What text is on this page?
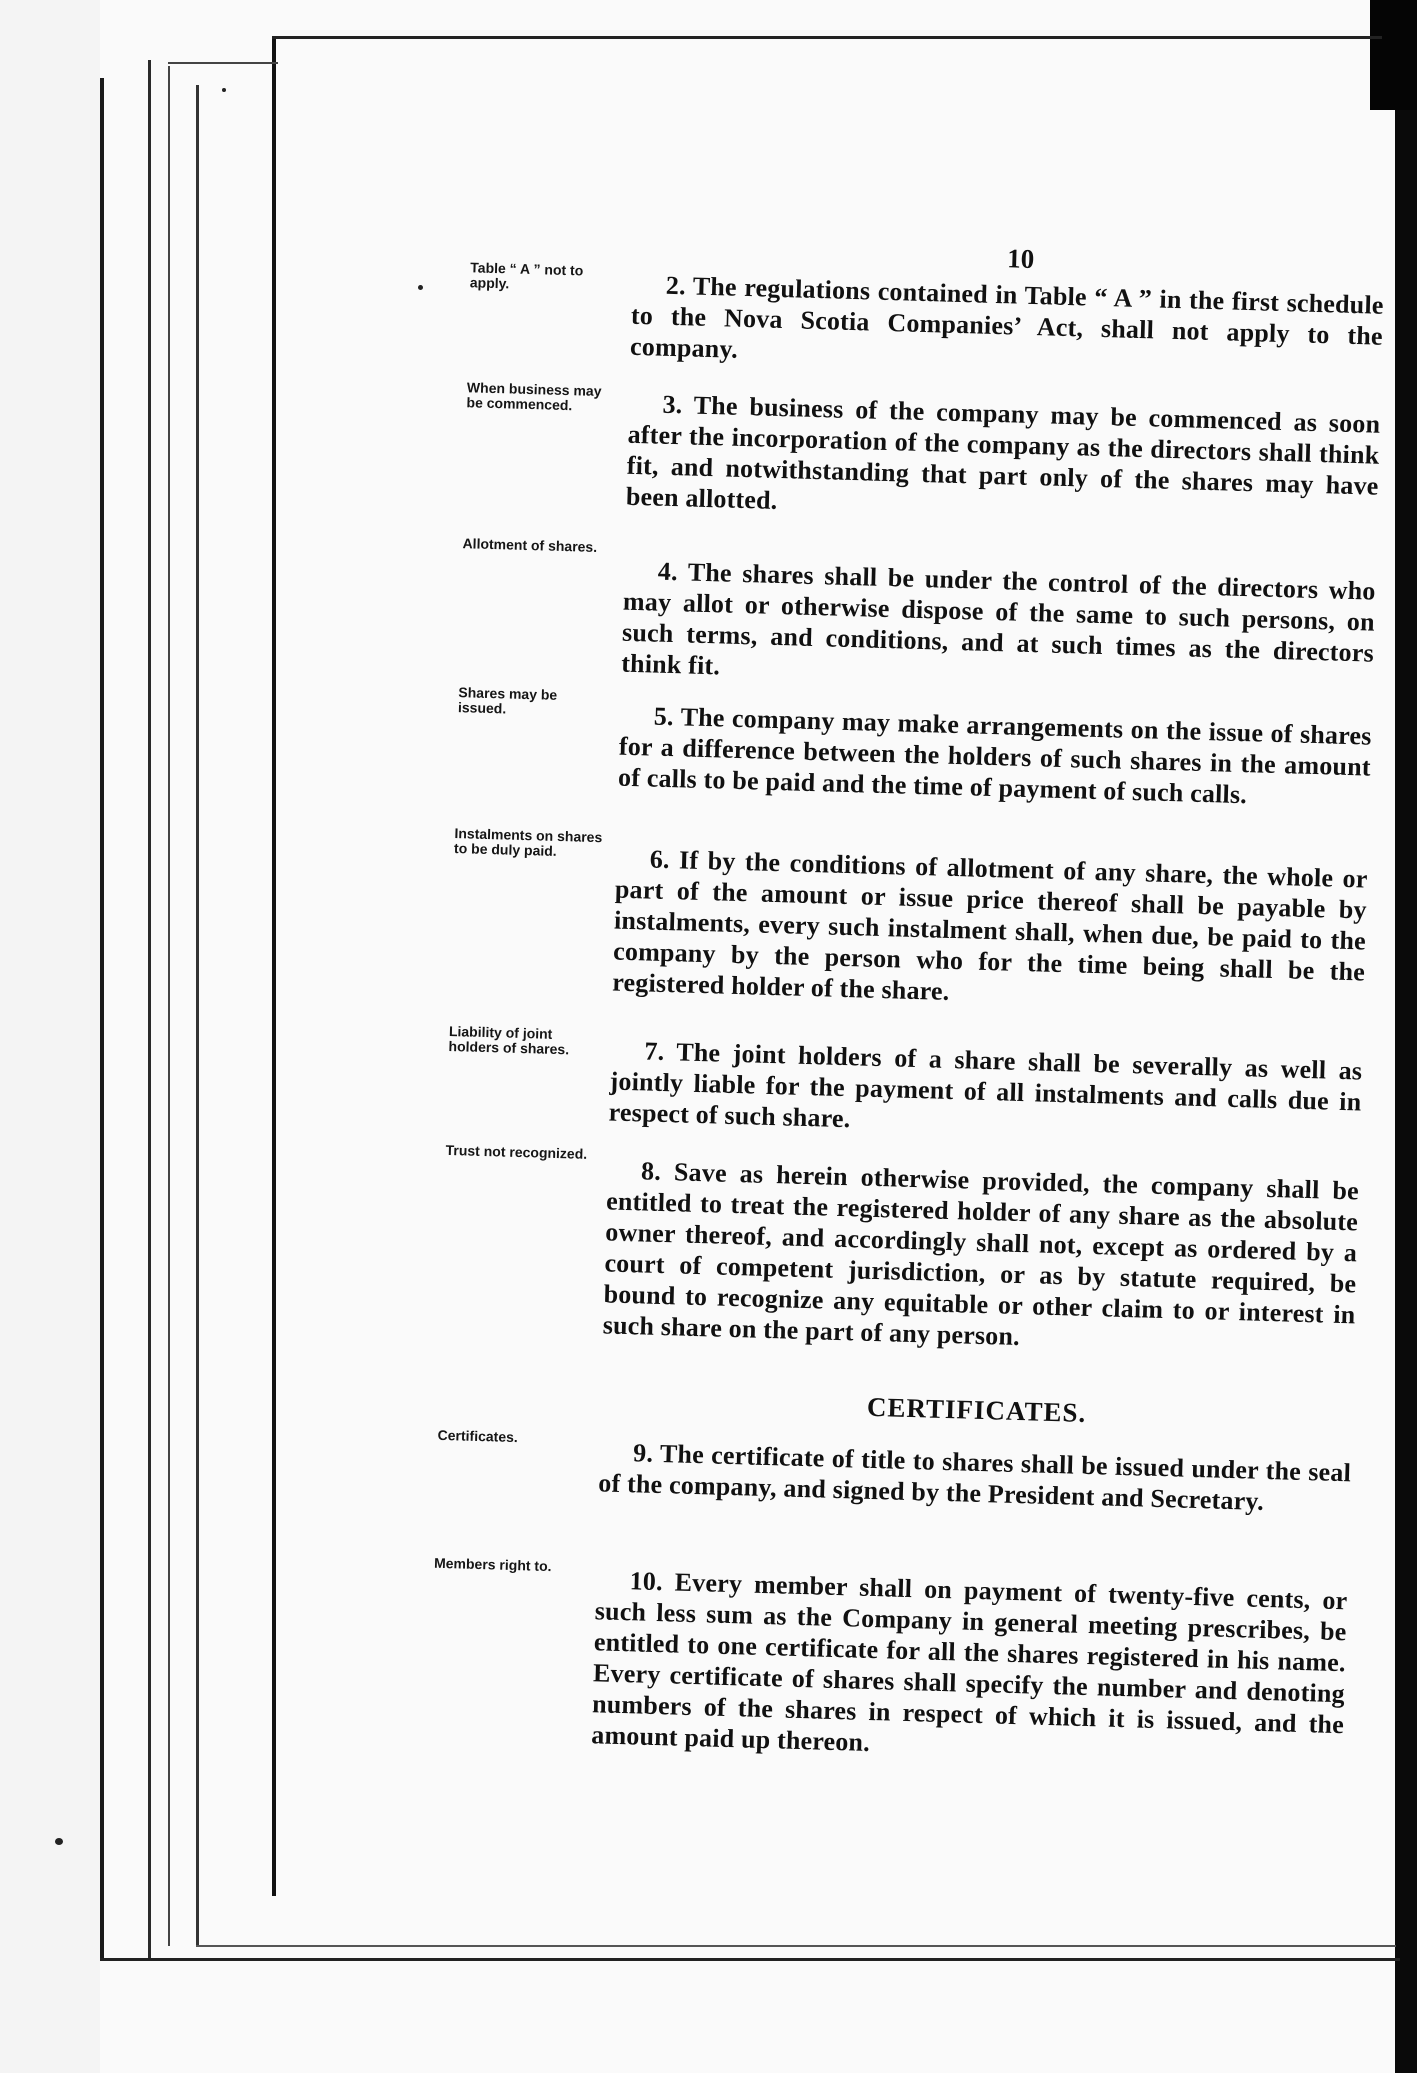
10
Table “ A ” not to apply.	2. The regulations contained in Table “ A ” in the first schedule to the Nova Scotia Companies’ Act, shall not apply to the company.
When business may be commenced.	3. The business of the company may be commenced as soon after the incorporation of the company as the directors shall think fit, and notwithstanding that part only of the shares may have been allotted.
Allotment of shares.
4. The shares shall be under the control of the directors who may allot or otherwise dispose of the same to such persons, on such terms, and conditions, and at such times as the directors think fit.
Shares may be issued.	5. The company may make arrangements on the issue of shares for a difference between the holders of such shares in the amount of calls to be paid and the time of payment of such calls.
Instalments on shares to be duly paid.	6. If by the conditions of allotment of any share, the whole or part of the amount or issue price thereof shall be payable by instalments, every such instalment shall, when due, be paid to the company by the person who for the time being shall be the registered holder of the share.
Liability of joint holders of shares.	7. The joint holders of a share shall be severally as well as jointly liable for the payment of all instalments and calls due in respect of such share.
Trust not recognized.
8. Save as herein otherwise provided, the company shall be entitled to treat the registered holder of any share as the absolute owner thereof, and accordingly shall not, except as ordered by a court of competent jurisdiction, or as by statute required, be bound to recognize any equitable or other claim to or interest in such share on the part of any person.
CERTIFICATES.
Certificates.
9. The certificate of title to shares shall be issued under the seal of the company, and signed by the President and Secretary.
Members right to.
10. Every member shall on payment of twenty-five cents, or such less sum as the Company in general meeting prescribes, be entitled to one certificate for all the shares registered in his name. Every certificate of shares shall specify the number and denoting numbers of the shares in respect of which it is issued, and the amount paid up thereon.
